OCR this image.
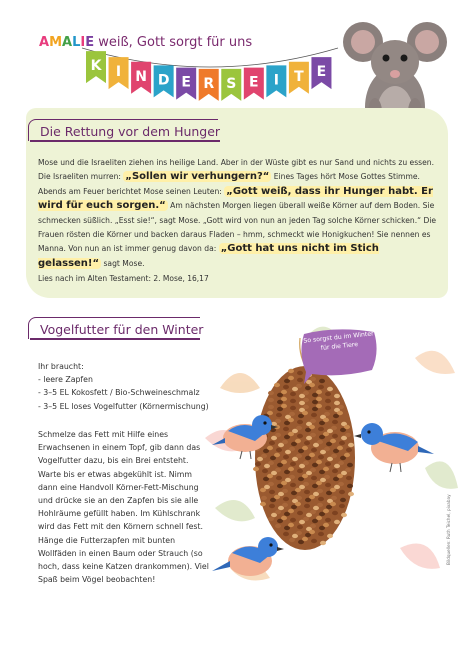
AMALIE weiß, Gott sorgt für uns
K I N D E R S E I T E
Die Rettung vor dem Hunger
Mose und die Israeliten ziehen ins heilige Land. Aber in der Wüste gibt es nur Sand und nichts zu essen. Die Israeliten murren: „Sollen wir verhungern?“ Eines Tages hört Mose Gottes Stimme. Abends am Feuer berichtet Mose seinen Leuten: „Gott weiß, dass ihr Hunger habt. Er wird für euch sorgen.“ Am nächsten Morgen liegen überall weiße Körner auf dem Boden. Sie schmecken süßlich. „Esst sie!“, sagt Mose. „Gott wird von nun an jeden Tag solche Körner schicken.“ Die Frauen rösten die Körner und backen daraus Fladen – hmm, schmeckt wie Honigkuchen! Sie nennen es Manna. Von nun an ist immer genug davon da: „Gott hat uns nicht im Stich gelassen!“ sagt Mose.
Lies nach im Alten Testament: 2. Mose, 16,17
Vogelfutter für den Winter
Ihr braucht:
- leere Zapfen
- 3–5 EL Kokosfett / Bio-Schweineschmalz
- 3–5 EL loses Vogelfutter (Körnermischung)
Schmelze das Fett mit Hilfe eines Erwachsenen in einem Topf, gib dann das Vogelfutter dazu, bis ein Brei entsteht. Warte bis er etwas abgekühlt ist. Nimm dann eine Handvoll Körner-Fett-Mischung und drücke sie an den Zapfen bis sie alle Hohlräume gefüllt haben. Im Kühlschrank wird das Fett mit den Körnern schnell fest. Hänge die Futterzapfen mit bunten Wollfäden in einen Baum oder Strauch (so hoch, dass keine Katzen drankommen). Viel Spaß beim Vögel beobachten!
So sorgst du im Winter für die Tiere
Bildquellen: Ruth Teichel, pixabay
